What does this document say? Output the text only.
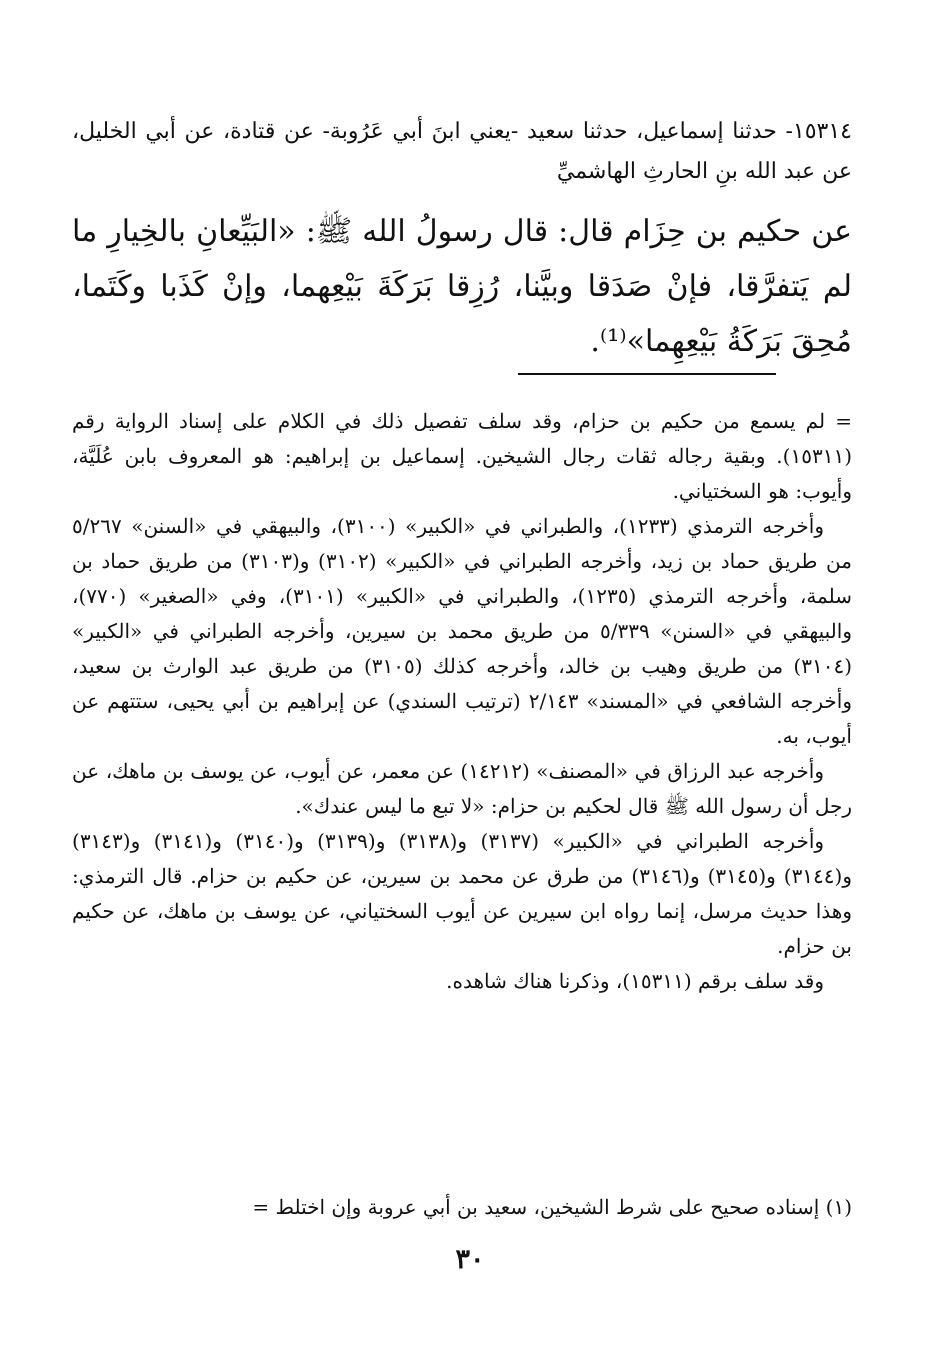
١٥٣١٤- حدثنا إسماعيل، حدثنا سعيد -يعني ابنَ أبي عَرُوبة- عن قتادة، عن أبي الخليل، عن عبد الله بنِ الحارثِ الهاشميِّ
عن حكيم بن حِزَام قال: قال رسولُ الله ﷺ: «البَيِّعانِ بالخِيارِ ما لم يَتفرَّقا، فإنْ صَدَقا وبيَّنا، رُزِقا بَرَكَةَ بَيْعِهما، وإنْ كَذَبا وكَتَما، مُحِقَ بَرَكَةُ بَيْعِهِما»⁽¹⁾.

= لم يسمع من حكيم بن حزام، وقد سلف تفصيل ذلك في الكلام على إسناد الرواية رقم (١٥٣١١). وبقية رجاله ثقات رجال الشيخين. إسماعيل بن إبراهيم: هو المعروف بابن عُلَيَّة، وأيوب: هو السختياني.

وأخرجه الترمذي (١٢٣٣)، والطبراني في «الكبير» (٣١٠٠)، والبيهقي في «السنن» ٥/٢٦٧ من طريق حماد بن زيد، وأخرجه الطبراني في «الكبير» (٣١٠٢) و(٣١٠٣) من طريق حماد بن سلمة، وأخرجه الترمذي (١٢٣٥)، والطبراني في «الكبير» (٣١٠١)، وفي «الصغير» (٧٧٠)، والبيهقي في «السنن» ٥/٣٣٩ من طريق محمد بن سيرين، وأخرجه الطبراني في «الكبير» (٣١٠٤) من طريق وهيب بن خالد، وأخرجه كذلك (٣١٠٥) من طريق عبد الوارث بن سعيد، وأخرجه الشافعي في «المسند» ٢/١٤٣ (ترتيب السندي) عن إبراهيم بن أبي يحيى، ستتهم عن أيوب، به.

وأخرجه عبد الرزاق في «المصنف» (١٤٢١٢) عن معمر، عن أيوب، عن يوسف بن ماهك، عن رجل أن رسول الله ﷺ قال لحكيم بن حزام: «لا تبع ما ليس عندك».

وأخرجه الطبراني في «الكبير» (٣١٣٧) و(٣١٣٨) و(٣١٣٩) و(٣١٤٠) و(٣١٤١) و(٣١٤٣) و(٣١٤٤) و(٣١٤٥) و(٣١٤٦) من طرق عن محمد بن سيرين، عن حكيم بن حزام. قال الترمذي: وهذا حديث مرسل، إنما رواه ابن سيرين عن أيوب السختياني، عن يوسف بن ماهك، عن حكيم بن حزام.

وقد سلف برقم (١٥٣١١)، وذكرنا هناك شاهده.

(١) إسناده صحيح على شرط الشيخين، سعيد بن أبي عروبة وإن اختلط =
٣٠
